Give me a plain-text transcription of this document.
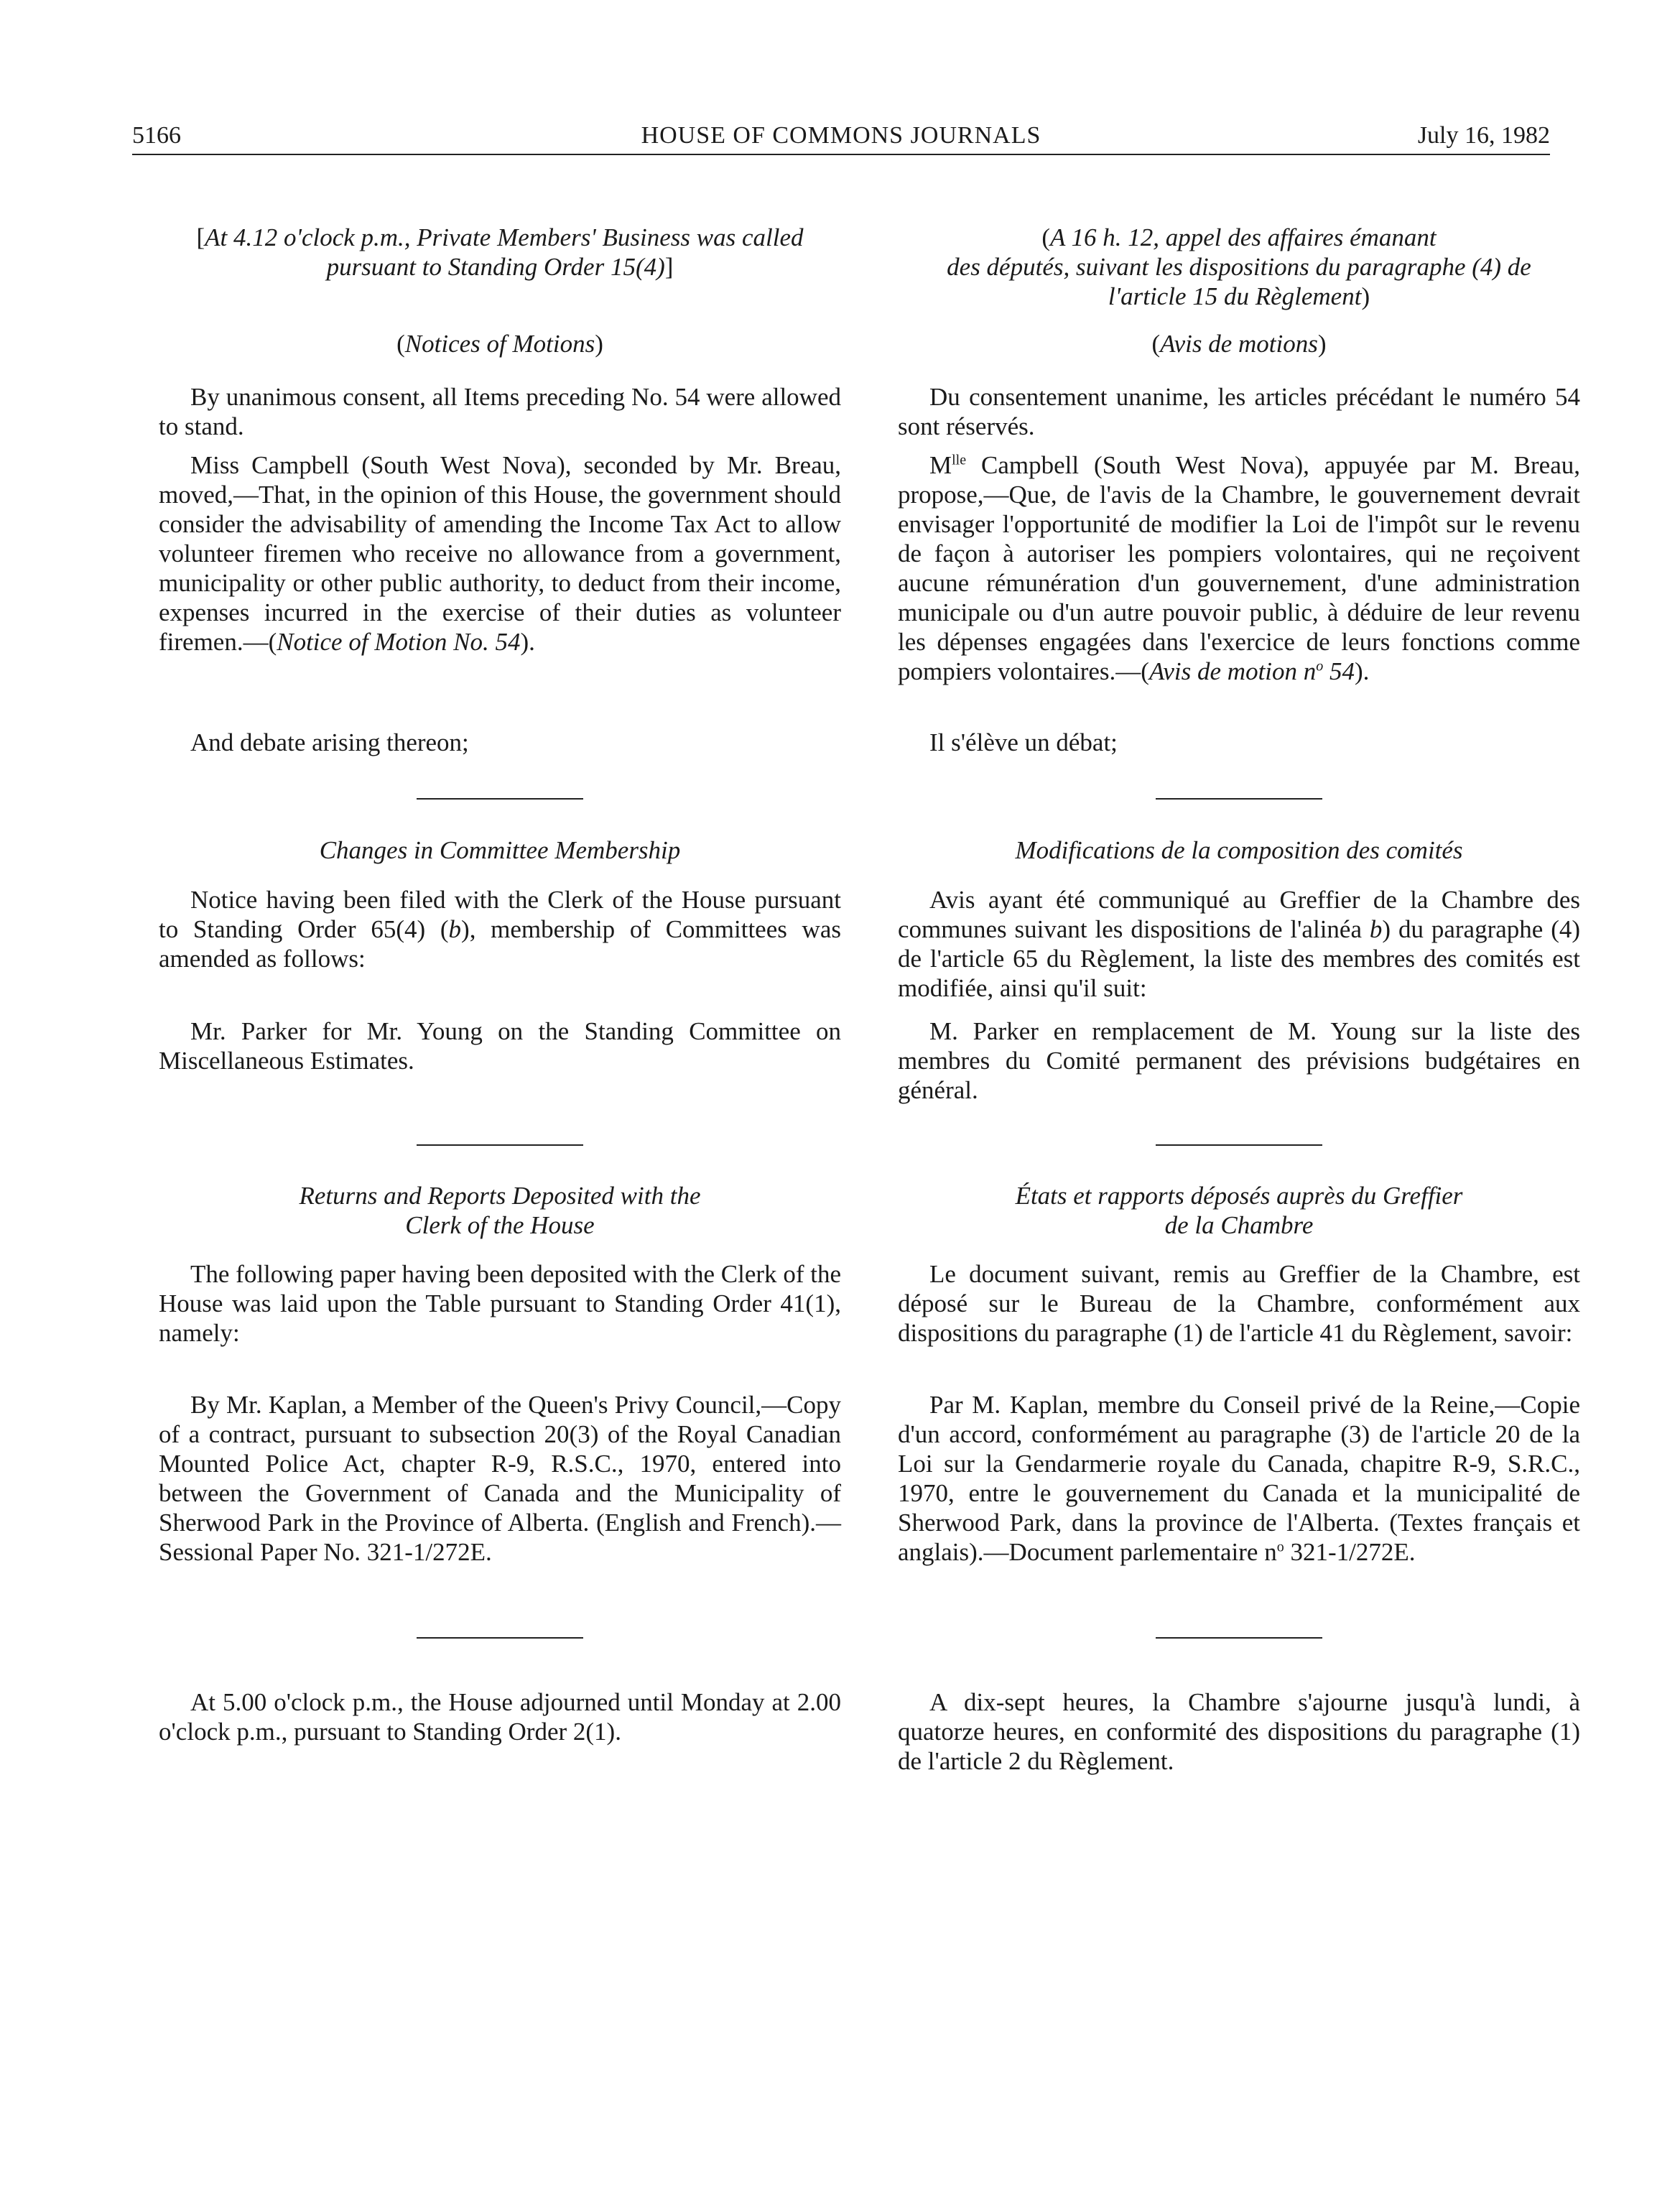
5166	HOUSE OF COMMONS JOURNALS	July 16, 1982

[At 4.12 o'clock p.m., Private Members' Business was called
pursuant to Standing Order 15(4)]

(Notices of Motions)

By unanimous consent, all Items preceding No. 54 were allowed to stand.

Miss Campbell (South West Nova), seconded by Mr. Breau, moved,—That, in the opinion of this House, the government should consider the advisability of amending the Income Tax Act to allow volunteer firemen who receive no allowance from a government, municipality or other public authority, to deduct from their income, expenses incurred in the exercise of their duties as volunteer firemen.—(Notice of Motion No. 54).

And debate arising thereon;

Changes in Committee Membership

Notice having been filed with the Clerk of the House pursuant to Standing Order 65(4) (b), membership of Committees was amended as follows:

Mr. Parker for Mr. Young on the Standing Committee on Miscellaneous Estimates.

Returns and Reports Deposited with the
Clerk of the House

The following paper having been deposited with the Clerk of the House was laid upon the Table pursuant to Standing Order 41(1), namely:

By Mr. Kaplan, a Member of the Queen's Privy Council,—Copy of a contract, pursuant to subsection 20(3) of the Royal Canadian Mounted Police Act, chapter R-9, R.S.C., 1970, entered into between the Government of Canada and the Municipality of Sherwood Park in the Province of Alberta. (English and French).—Sessional Paper No. 321-1/272E.

At 5.00 o'clock p.m., the House adjourned until Monday at 2.00 o'clock p.m., pursuant to Standing Order 2(1).

(A 16 h. 12, appel des affaires émanant
des députés, suivant les dispositions du paragraphe (4) de
l'article 15 du Règlement)

(Avis de motions)

Du consentement unanime, les articles précédant le numéro 54 sont réservés.

$M^{lle}$ Campbell (South West Nova), appuyée par M. Breau, propose,—Que, de l'avis de la Chambre, le gouvernement devrait envisager l'opportunité de modifier la Loi de l'impôt sur le revenu de façon à autoriser les pompiers volontaires, qui ne reçoivent aucune rémunération d'un gouvernement, d'une administration municipale ou d'un autre pouvoir public, à déduire de leur revenu les dépenses engagées dans l'exercice de leurs fonctions comme pompiers volontaires.—(Avis de motion $n^o$ 54).

Il s'élève un débat;

Modifications de la composition des comités

Avis ayant été communiqué au Greffier de la Chambre des communes suivant les dispositions de l'alinéa b) du paragraphe (4) de l'article 65 du Règlement, la liste des membres des comités est modifiée, ainsi qu'il suit:

M. Parker en remplacement de M. Young sur la liste des membres du Comité permanent des prévisions budgétaires en général.

États et rapports déposés auprès du Greffier
de la Chambre

Le document suivant, remis au Greffier de la Chambre, est déposé sur le Bureau de la Chambre, conformément aux dispositions du paragraphe (1) de l'article 41 du Règlement, savoir:

Par M. Kaplan, membre du Conseil privé de la Reine,—Copie d'un accord, conformément au paragraphe (3) de l'article 20 de la Loi sur la Gendarmerie royale du Canada, chapitre R-9, S.R.C., 1970, entre le gouvernement du Canada et la municipalité de Sherwood Park, dans la province de l'Alberta. (Textes français et anglais).—Document parlementaire $n^o$ 321-1/272E.

A dix-sept heures, la Chambre s'ajourne jusqu'à lundi, à quatorze heures, en conformité des dispositions du paragraphe (1) de l'article 2 du Règlement.
